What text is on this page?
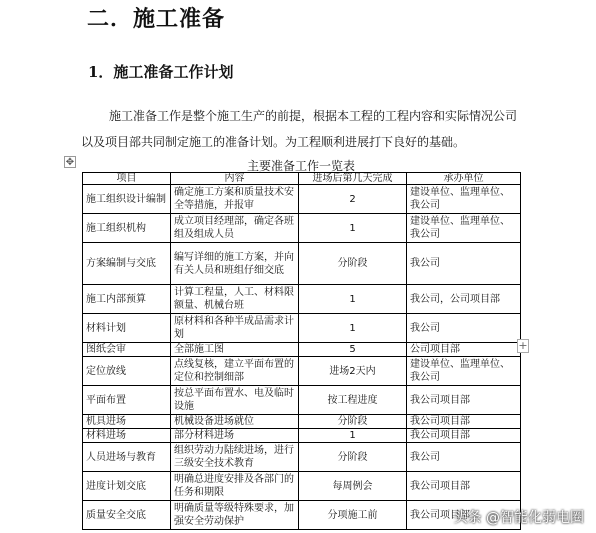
二．施工准备
1．施工准备工作计划

施工准备工作是整个施工生产的前提，根据本工程的工程内容和实际情况公司以及项目部共同制定施工的准备计划。为工程顺利进展打下良好的基础。

✥	主要准备工作一览表
项目	内容	进场后第几天完成	承办单位
施工组织设计编制	确定施工方案和质量技术安全等措施，并报审	2	建设单位、监理单位、我公司
施工组织机构	成立项目经理部，确定各班组及组成人员	1	建设单位、监理单位、我公司
方案编制与交底	编写详细的施工方案，并向有关人员和班组仔细交底	分阶段	我公司
施工内部预算	计算工程量，人工、材料限额量、机械台班	1	我公司，公司项目部
材料计划	原材料和各种半成品需求计划	1	我公司
图纸会审	全部施工图	5	公司项目部
定位放线	点线复核，建立平面布置的定位和控制细部	进场2天内	建设单位、监理单位、我公司
平面布置	按总平面布置水、电及临时设施	按工程进度	我公司项目部
机具进场	机械设备进场就位	分阶段	我公司项目部
材料进场	部分材料进场	1	我公司项目部
人员进场与教育	组织劳动力陆续进场，进行三级安全技术教育	分阶段	我公司
进度计划交底	明确总进度安排及各部门的任务和期限	每周例会	我公司项目部
质量安全交底	明确质量等级特殊要求，加强安全劳动保护	分项施工前	我公司项目部
+
头条 @智能化弱电圈
